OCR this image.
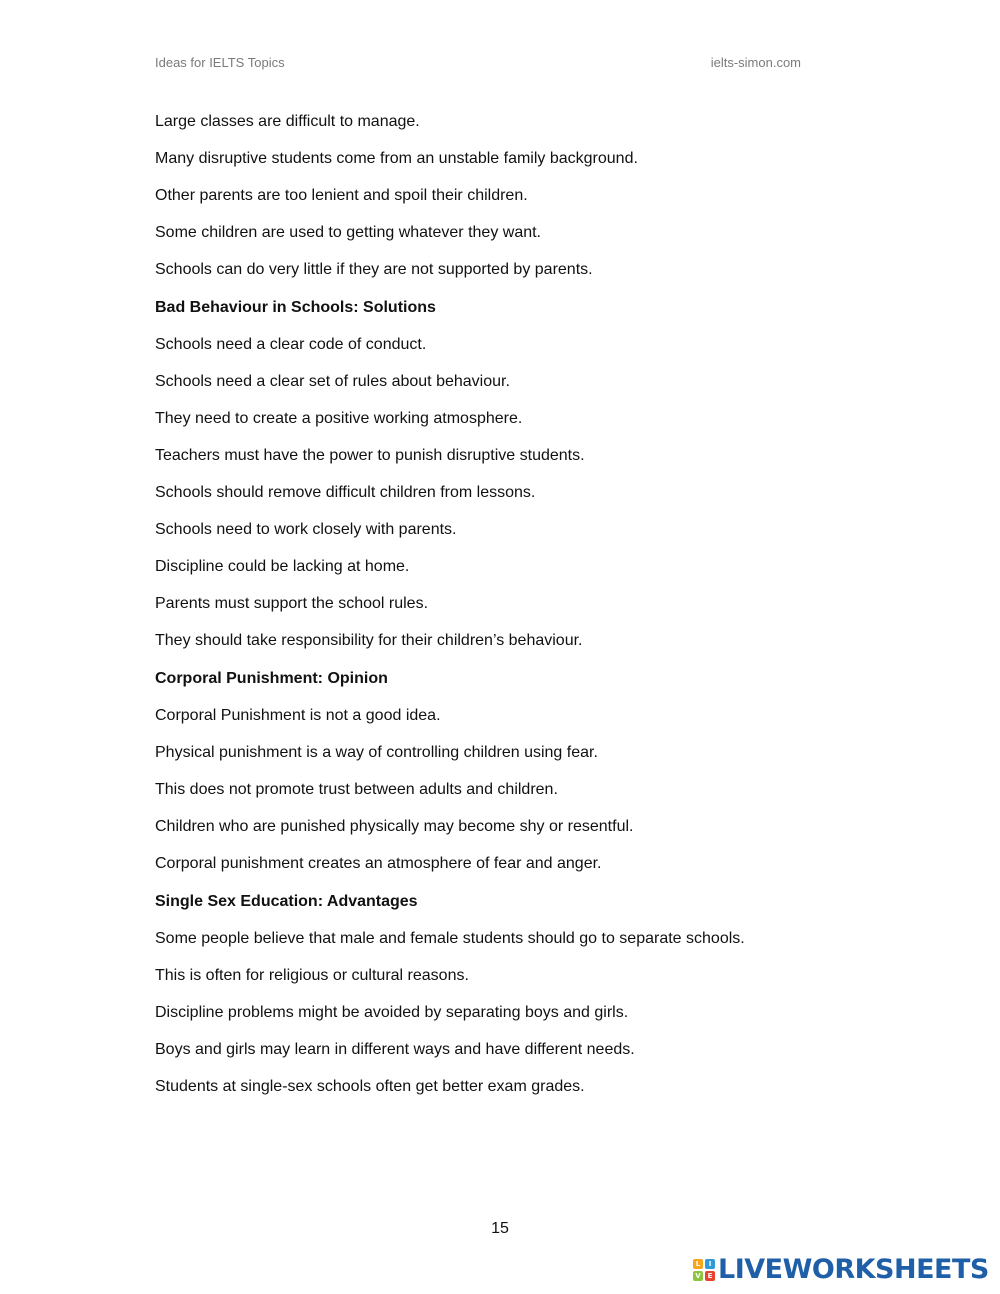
Ideas for IELTS Topics	ielts-simon.com
Large classes are difficult to manage.
Many disruptive students come from an unstable family background.
Other parents are too lenient and spoil their children.
Some children are used to getting whatever they want.
Schools can do very little if they are not supported by parents.
Bad Behaviour in Schools: Solutions
Schools need a clear code of conduct.
Schools need a clear set of rules about behaviour.
They need to create a positive working atmosphere.
Teachers must have the power to punish disruptive students.
Schools should remove difficult children from lessons.
Schools need to work closely with parents.
Discipline could be lacking at home.
Parents must support the school rules.
They should take responsibility for their children’s behaviour.
Corporal Punishment: Opinion
Corporal Punishment is not a good idea.
Physical punishment is a way of controlling children using fear.
This does not promote trust between adults and children.
Children who are punished physically may become shy or resentful.
Corporal punishment creates an atmosphere of fear and anger.
Single Sex Education: Advantages
Some people believe that male and female students should go to separate schools.
This is often for religious or cultural reasons.
Discipline problems might be avoided by separating boys and girls.
Boys and girls may learn in different ways and have different needs.
Students at single-sex schools often get better exam grades.
15
L	I
V E LIVEWORKSHEETS
